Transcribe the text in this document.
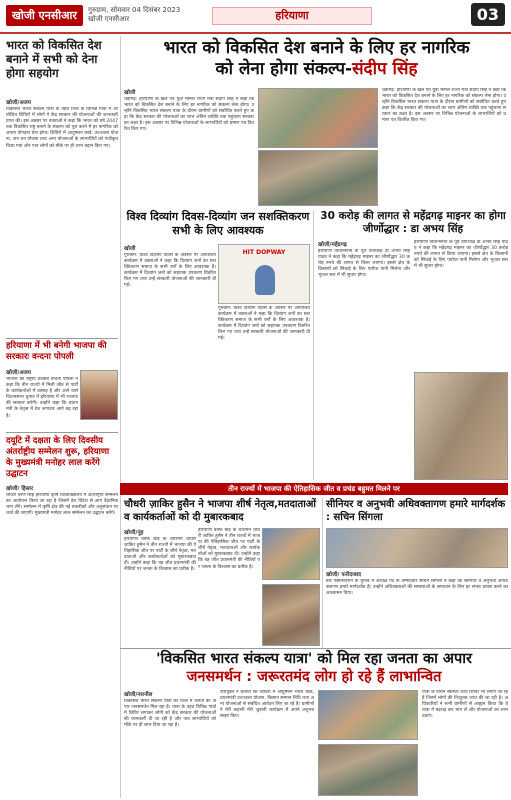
खोजी एनसीआर	गुरुग्राम, सोमवार 04 दिसंबर 2023
खोजी एनसीआर	हरियाणा	03
भारत को विकसित देश बनाने में सभी को देना होगा सहयोग
खोजी/अजय
विकसित भारत संकल्प यात्रा के तहत जिले के विभिन्न गांवों में आयोजित शिविरों में लोगों ने केंद्र सरकार की योजनाओं की जानकारी प्राप्त की। इस अवसर पर वक्ताओं ने कहा कि भारत को वर्ष 2047 तक विकसित राष्ट्र बनाने के संकल्प को पूरा करने में हर नागरिक को अपना योगदान देना होगा। शिविरों में आयुष्मान कार्ड, उज्ज्वला योजना, जन धन योजना तथा अन्य योजनाओं के लाभार्थियों को पंजीकृत किया गया और पात्र लोगों को मौके पर ही लाभ प्रदान किए गए।
हरियाणा में भी बनेगी भाजपा की सरकारः वन्दना पोपली
खोजी/अजय
भाजपा की राष्ट्रीय प्रवक्ता वन्दना पोपली ने कहा कि तीन राज्यों में मिली जीत से पार्टी के कार्यकर्ताओं में उत्साह है और आने वाले विधानसभा चुनाव में हरियाणा में भी भाजपा की सरकार बनेगी। उन्होंने कहा कि प्रधानमंत्री के नेतृत्व में देश लगातार आगे बढ़ रहा है।
दयूटि में दक्षता के लिए दिवसीय अंतर्राष्ट्रीय सम्मेलन शुरू, हरियाणा के मुख्यमंत्री मनोहर लाल करेंगे उद्घाटन
खोजी/ हिसार
चौधरी चरण सिंह हरियाणा कृषि विश्वविद्यालय में अंतर्राष्ट्रीय सम्मेलन का आयोजन किया जा रहा है जिसमें देश विदेश से आए वैज्ञानिक भाग लेंगे। सम्मेलन में कृषि क्षेत्र की नई तकनीकों और अनुसंधान पर चर्चा की जाएगी। मुख्यमंत्री मनोहर लाल सम्मेलन का उद्घाटन करेंगे।
भारत को विकसित देश बनाने के लिए हर नागरिक
को लेना होगा संकल्प-संदीप सिंह
खोजी
चंडीगढ़: हरियाणा के खेल एवं युवा मामले राज्य मंत्री संदीप सिंह ने कहा कि भारत को विकसित देश बनाने के लिए हर नागरिक को संकल्प लेना होगा। उन्होंने विकसित भारत संकल्प यात्रा के दौरान ग्रामीणों को संबोधित करते हुए कहा कि केंद्र सरकार की योजनाओं का लाभ अंतिम व्यक्ति तक पहुंचाना सरकार का लक्ष्य है। इस अवसर पर विभिन्न योजनाओं के लाभार्थियों को प्रमाण पत्र वितरित किए गए।
चंडीगढ़: हरियाणा के खेल एवं युवा मामले राज्य मंत्री संदीप सिंह ने कहा कि भारत को विकसित देश बनाने के लिए हर नागरिक को संकल्प लेना होगा। उन्होंने विकसित भारत संकल्प यात्रा के दौरान ग्रामीणों को संबोधित करते हुए कहा कि केंद्र सरकार की योजनाओं का लाभ अंतिम व्यक्ति तक पहुंचाना सरकार का लक्ष्य है। इस अवसर पर विभिन्न योजनाओं के लाभार्थियों को प्रमाण पत्र वितरित किए गए।
विश्व दिव्यांग दिवस-दिव्यांग जन सशक्तिकरण सभी के लिए आवश्यक
खोजी
गुरुग्राम: विश्व दिव्यांग दिवस के अवसर पर आयोजित कार्यक्रम में वक्ताओं ने कहा कि दिव्यांग जनों का सशक्तिकरण समाज के सभी वर्गों के लिए आवश्यक है। कार्यक्रम में दिव्यांग जनों को सहायक उपकरण वितरित किए गए तथा उन्हें सरकारी योजनाओं की जानकारी दी गई।
HIT DOPWAY
गुरुग्राम: विश्व दिव्यांग दिवस के अवसर पर आयोजित कार्यक्रम में वक्ताओं ने कहा कि दिव्यांग जनों का सशक्तिकरण समाज के सभी वर्गों के लिए आवश्यक है। कार्यक्रम में दिव्यांग जनों को सहायक उपकरण वितरित किए गए तथा उन्हें सरकारी योजनाओं की जानकारी दी गई।
30 करोड़ की लागत से महेंद्रगढ़ माइनर का होगा जीर्णोद्धार : डा अभय सिंह
खोजी/महेंद्रगढ़
हरियाणा विधानसभा के पूर्व उपाध्यक्ष डा अभय सिंह यादव ने कहा कि महेंद्रगढ़ माइनर का जीर्णोद्धार 30 करोड़ रुपये की लागत से किया जाएगा। इससे क्षेत्र के किसानों को सिंचाई के लिए पर्याप्त पानी मिलेगा और भूजल स्तर में भी सुधार होगा।
हरियाणा विधानसभा के पूर्व उपाध्यक्ष डा अभय सिंह यादव ने कहा कि महेंद्रगढ़ माइनर का जीर्णोद्धार 30 करोड़ रुपये की लागत से किया जाएगा। इससे क्षेत्र के किसानों को सिंचाई के लिए पर्याप्त पानी मिलेगा और भूजल स्तर में भी सुधार होगा।
तीन राज्यों में भाजपा की ऐतिहासिक जीत व प्रचंड बहुमत मिलने पर
चौधरी ज़ाकिर हुसैन ने भाजपा शीर्ष नेतृत्व,मतदाताओं व कार्यकर्ताओं को दी मुबारकबाद
खोजी/नूंह
हरियाणा वक्फ बोर्ड के चेयरमैन चौधरी ज़ाकिर हुसैन ने तीन राज्यों में भाजपा की ऐतिहासिक जीत पर पार्टी के शीर्ष नेतृत्व, मतदाताओं और कार्यकर्ताओं को मुबारकबाद दी। उन्होंने कहा कि यह जीत प्रधानमंत्री की नीतियों पर जनता के विश्वास का प्रतीक है।
हरियाणा वक्फ बोर्ड के चेयरमैन चौधरी ज़ाकिर हुसैन ने तीन राज्यों में भाजपा की ऐतिहासिक जीत पर पार्टी के शीर्ष नेतृत्व, मतदाताओं और कार्यकर्ताओं को मुबारकबाद दी। उन्होंने कहा कि यह जीत प्रधानमंत्री की नीतियों पर जनता के विश्वास का प्रतीक है।
सीनियर व अनुभवी अधिवक्तागण हमारे मार्गदर्शक : सचिन सिंगला
खोजी/ फरीदाबाद
बार एसोसिएशन के चुनाव में अध्यक्ष पद के उम्मीदवार सचिन सिंगला ने कहा कि सीनियर व अनुभवी अधिवक्तागण हमारे मार्गदर्शक हैं। उन्होंने अधिवक्ताओं की समस्याओं के समाधान के लिए हर संभव प्रयास करने का आश्वासन दिया।
'विकसित भारत संकल्प यात्रा' को मिल रहा जनता का अपार
जनसमर्थन : जरूरतमंद लोग हो रहे हैं लाभान्वित
खोजी/नारनौल
विकसित भारत संकल्प यात्रा को जिले में जनता का अपार जनसमर्थन मिल रहा है। यात्रा के तहत विभिन्न गांवों में शिविर लगाकर लोगों को केंद्र सरकार की योजनाओं की जानकारी दी जा रही है और पात्र लाभार्थियों को मौके पर ही लाभ दिया जा रहा है।
उपायुक्त ने बताया कि शिविरों में आयुष्मान भारत कार्ड, प्रधानमंत्री उज्ज्वला योजना, किसान सम्मान निधि तथा अन्य योजनाओं से संबंधित आवेदन लिए जा रहे हैं। ग्रामीणों ने मेरी कहानी मेरी जुबानी कार्यक्रम में अपने अनुभव साझा किए।
यात्रा के दौरान स्वास्थ्य जांच शिविर भी लगाए जा रहे हैं जिनमें लोगों की निःशुल्क जांच की जा रही है। अधिकारियों ने सभी ग्रामीणों से आह्वान किया कि वे यात्रा में बढ़चढ़ कर भाग लें और योजनाओं का लाभ उठाएं।
